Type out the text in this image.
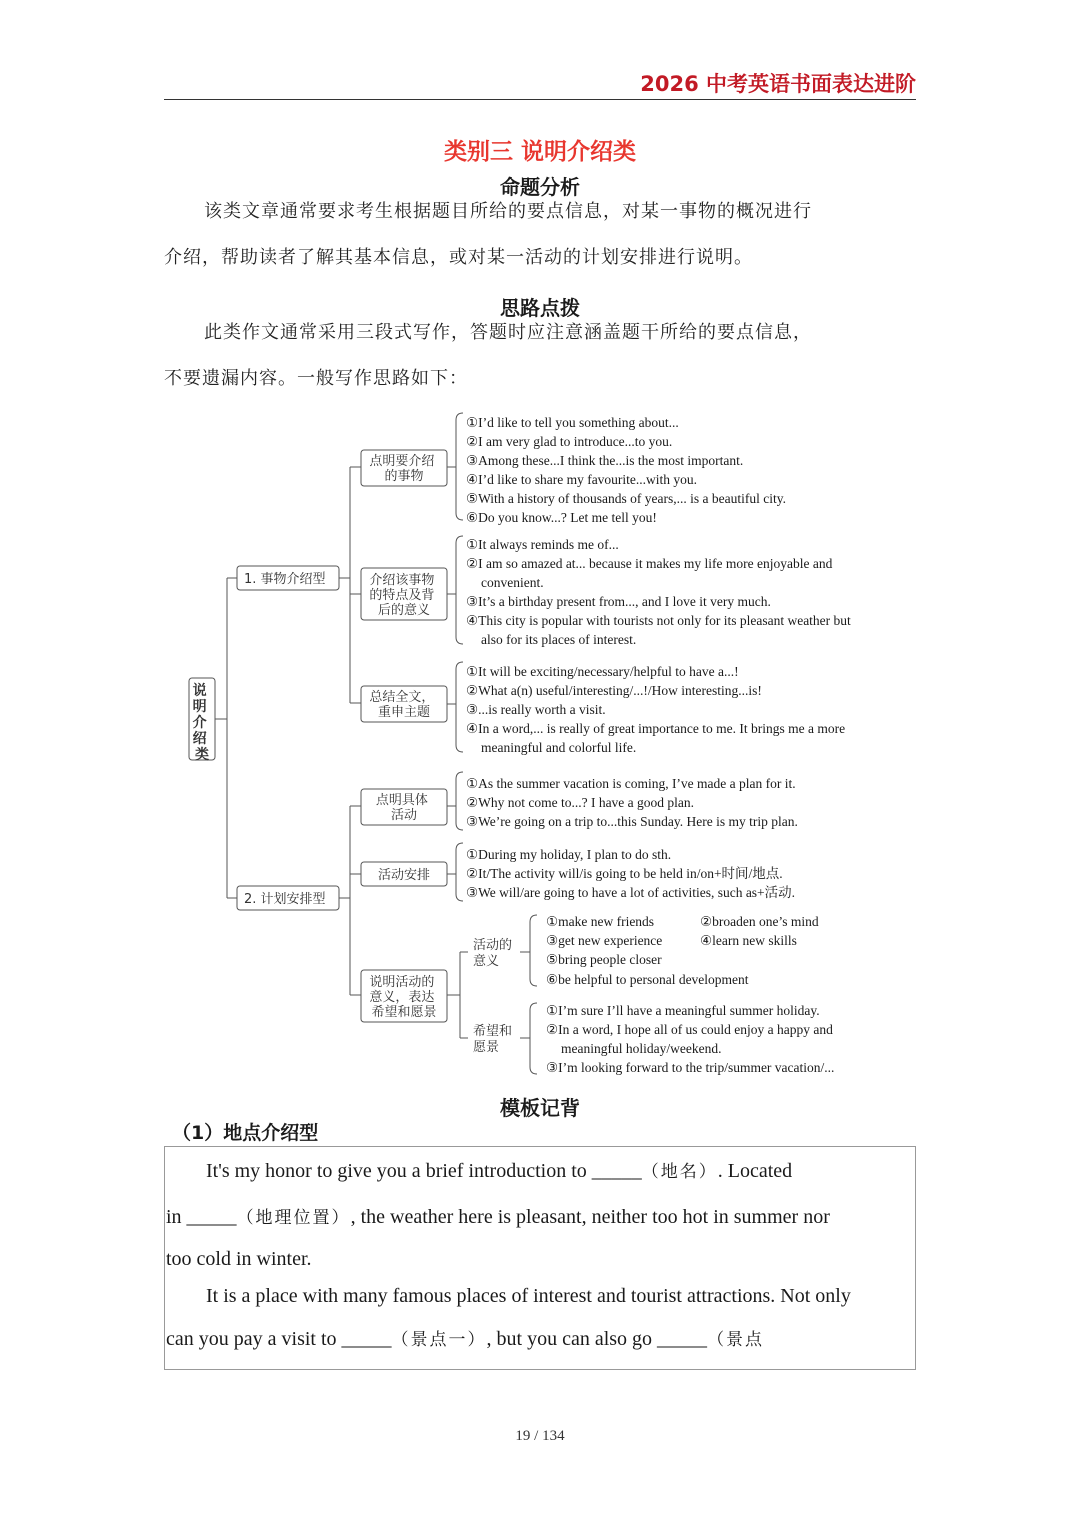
2026 中考英语书面表达进阶
类别三 说明介绍类
命题分析

该类文章通常要求考生根据题目所给的要点信息，对某一事物的概况进行

介绍，帮助读者了解其基本信息，或对某一活动的计划安排进行说明。

思路点拨

此类作文通常采用三段式写作，答题时应注意涵盖题干所给的要点信息，

不要遗漏内容。一般写作思路如下：

说 明 介 绍 类
1. 事物介绍型
点明要介绍 的事物
①I’d like to tell you something about... ②I am very glad to introduce...to you. ③Among these...I think the...is the most important. ④I’d like to share my favourite...with you. ⑤With a history of thousands of years,... is a beautiful city. ⑥Do you know...? Let me tell you!
介绍该事物 的特点及背 后的意义
①It always reminds me of... ②I am so amazed at... because it makes my life more enjoyable and convenient. ③It’s a birthday present from..., and I love it very much. ④This city is popular with tourists not only for its pleasant weather but also for its places of interest.
总结全文， 重申主题
①It will be exciting/necessary/helpful to have a...! ②What a(n) useful/interesting/...!/How interesting...is! ③...is really worth a visit. ④In a word,... is really of great importance to me. It brings me a more meaningful and colorful life.
2. 计划安排型
点明具体 活动
①As the summer vacation is coming, I’ve made a plan for it. ②Why not come to...? I have a good plan. ③We’re going on a trip to...this Sunday. Here is my trip plan.
活动安排
①During my holiday, I plan to do sth. ②It/The activity will/is going to be held in/on+时间/地点. ③We will/are going to have a lot of activities, such as+活动.
说明活动的 意义，表达 希望和愿景
活动的 意义
①make new friends	②broaden one’s mind ③get new experience	④learn new skills ⑤bring people closer ⑥be helpful to personal development
希望和 愿景
①I’m sure I’ll have a meaningful summer holiday. ②In a word, I hope all of us could enjoy a happy and meaningful holiday/weekend. ③I’m looking forward to the trip/summer vacation/...
模板记背
（1）地点介绍型
It's my honor to give you a brief introduction to _____（地名）. Located
in _____（地理位置）, the weather here is pleasant, neither too hot in summer nor
too cold in winter.
It is a place with many famous places of interest and tourist attractions. Not only
can you pay a visit to _____（景点一）, but you can also go _____（景点
19 / 134
